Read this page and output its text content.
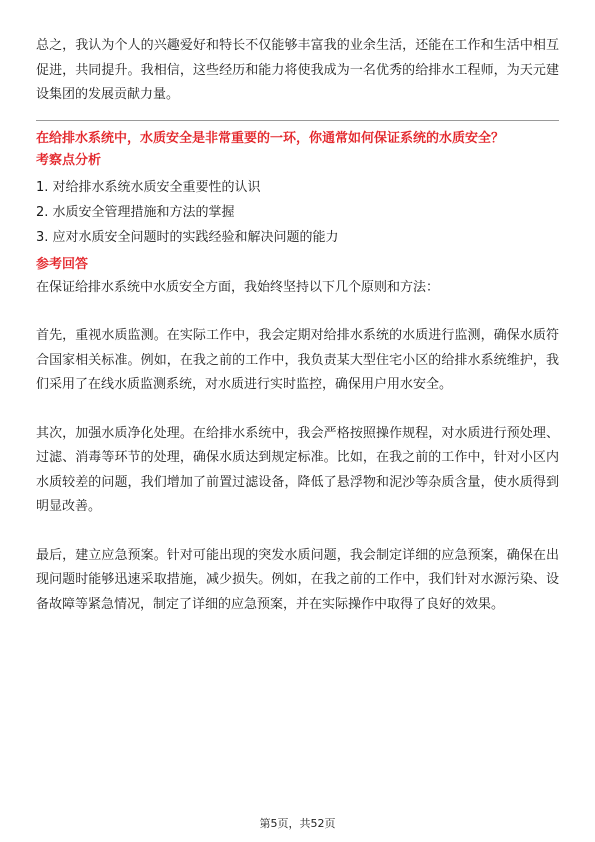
总之，我认为个人的兴趣爱好和特长不仅能够丰富我的业余生活，还能在工作和生活中相互促进，共同提升。我相信，这些经历和能力将使我成为一名优秀的给排水工程师，为天元建设集团的发展贡献力量。

在给排水系统中，水质安全是非常重要的一环，你通常如何保证系统的水质安全？
考察点分析
1. 对给排水系统水质安全重要性的认识
2. 水质安全管理措施和方法的掌握
3. 应对水质安全问题时的实践经验和解决问题的能力
参考回答

在保证给排水系统中水质安全方面，我始终坚持以下几个原则和方法：

首先，重视水质监测。在实际工作中，我会定期对给排水系统的水质进行监测，确保水质符合国家相关标准。例如，在我之前的工作中，我负责某大型住宅小区的给排水系统维护，我们采用了在线水质监测系统，对水质进行实时监控，确保用户用水安全。

其次，加强水质净化处理。在给排水系统中，我会严格按照操作规程，对水质进行预处理、过滤、消毒等环节的处理，确保水质达到规定标准。比如，在我之前的工作中，针对小区内水质较差的问题，我们增加了前置过滤设备，降低了悬浮物和泥沙等杂质含量，使水质得到明显改善。

最后，建立应急预案。针对可能出现的突发水质问题，我会制定详细的应急预案，确保在出现问题时能够迅速采取措施，减少损失。例如，在我之前的工作中，我们针对水源污染、设备故障等紧急情况，制定了详细的应急预案，并在实际操作中取得了良好的效果。

第5页，共52页
